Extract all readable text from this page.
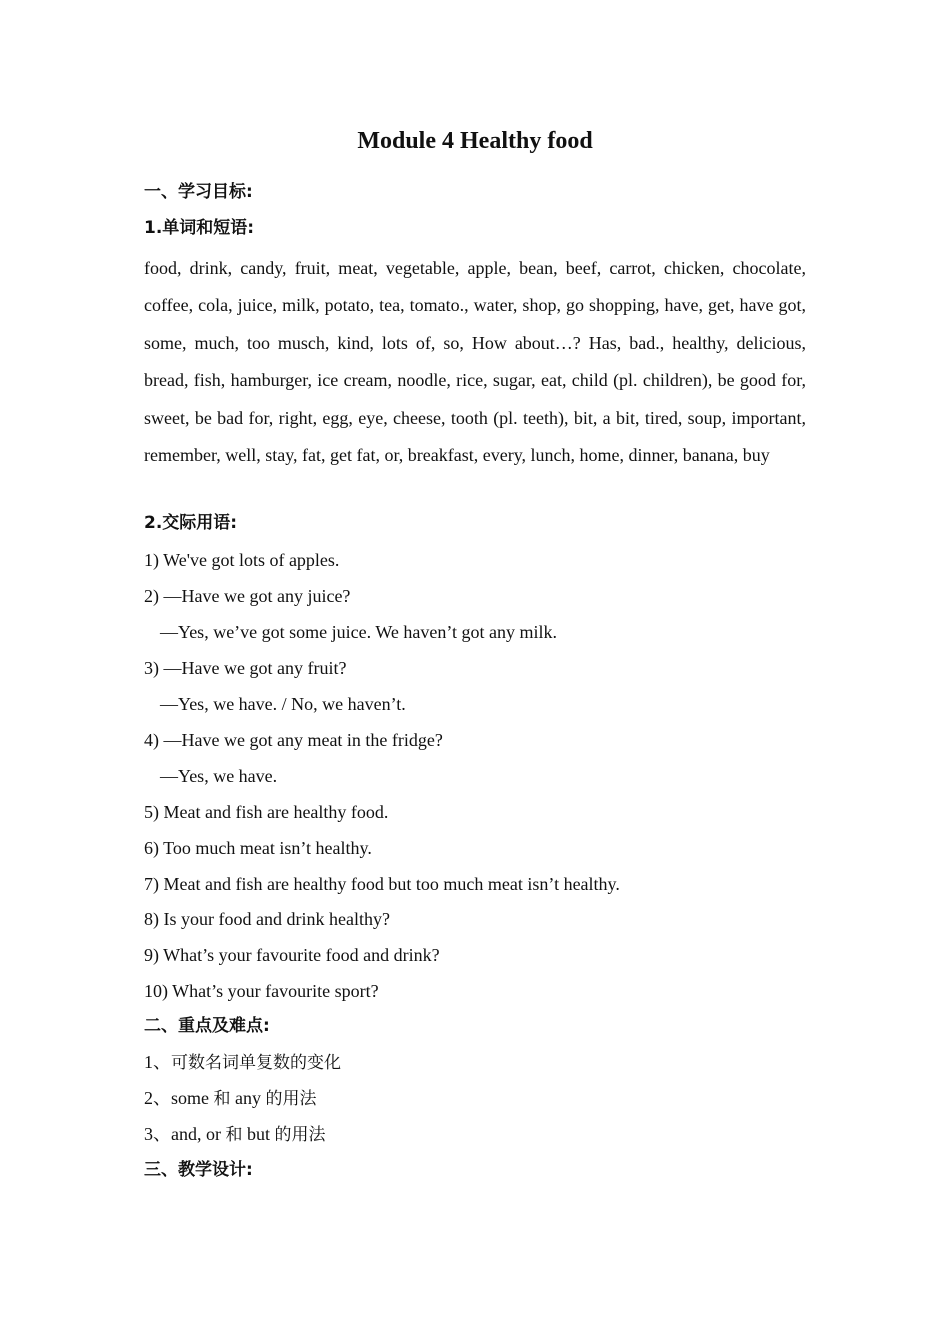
Module 4 Healthy food
一、学习目标:
1.单词和短语:

food, drink, candy, fruit, meat, vegetable, apple, bean, beef, carrot, chicken, chocolate, coffee, cola, juice, milk, potato, tea, tomato., water, shop, go shopping, have, get, have got, some, much, too musch, kind, lots of, so, How about…? Has, bad., healthy, delicious, bread, fish, hamburger, ice cream, noodle, rice, sugar, eat, child (pl. children), be good for, sweet, be bad for, right, egg, eye, cheese, tooth (pl. teeth), bit, a bit, tired, soup, important, remember, well, stay, fat, get fat, or, breakfast, every, lunch, home, dinner, banana, buy

2.交际用语:
1) We've got lots of apples.
2) —Have we got any juice?
—Yes, we’ve got some juice. We haven’t got any milk.
3) —Have we got any fruit?
—Yes, we have. / No, we haven’t.
4) —Have we got any meat in the fridge?
—Yes, we have.
5) Meat and fish are healthy food.
6) Too much meat isn’t healthy.
7) Meat and fish are healthy food but too much meat isn’t healthy.
8) Is your food and drink healthy?
9) What’s your favourite food and drink?
10) What’s your favourite sport?
二、重点及难点:
1、可数名词单复数的变化
2、some 和 any 的用法
3、and, or 和 but 的用法
三、教学设计:
